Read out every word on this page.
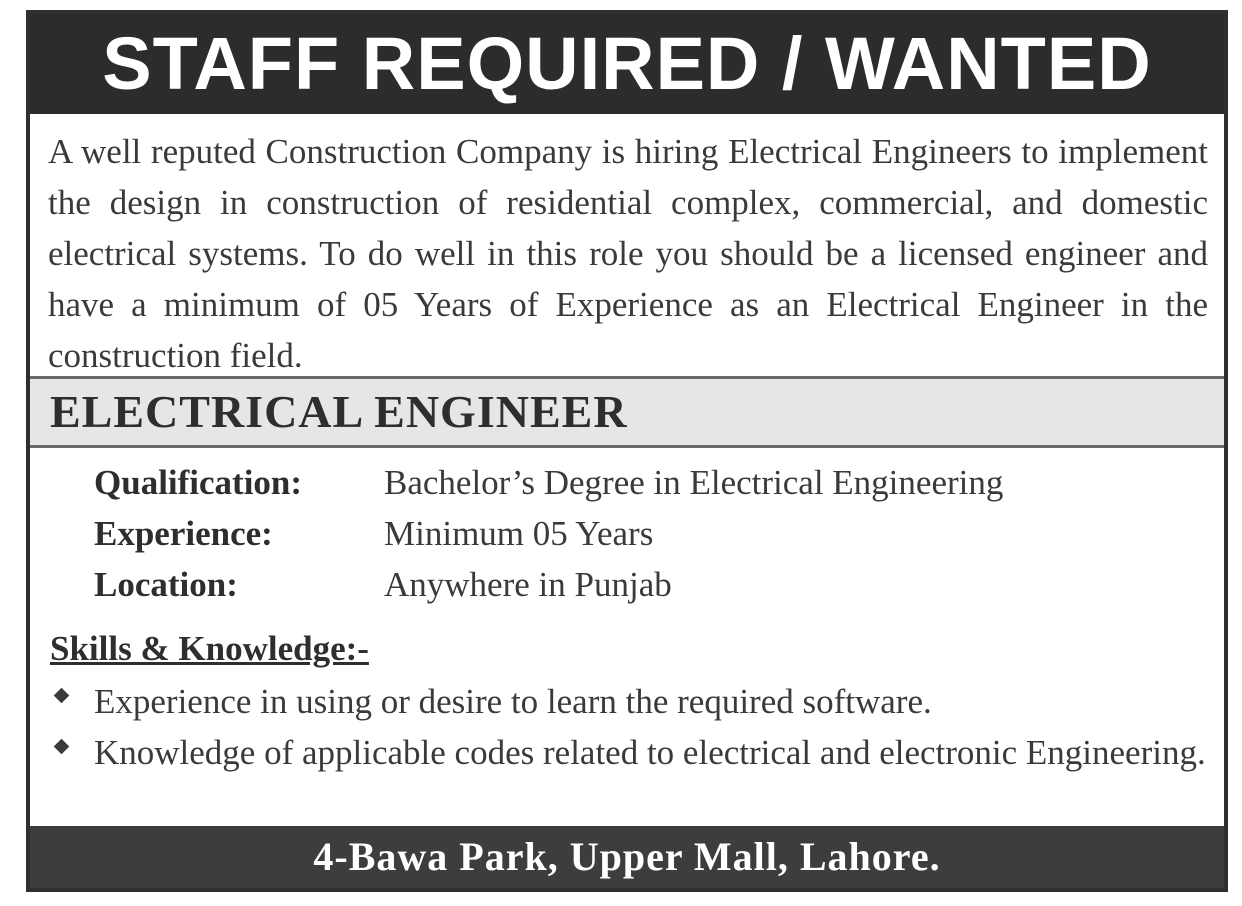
STAFF REQUIRED / WANTED

A well reputed Construction Company is hiring Electrical Engineers to implement the design in construction of residential complex, commercial, and domestic electrical systems. To do well in this role you should be a licensed engineer and have a minimum of 05 Years of Experience as an Electrical Engineer in the construction field.

ELECTRICAL ENGINEER
Qualification: Bachelor’s Degree in Electrical Engineering
Experience:	Minimum 05 Years
Location:	Anywhere in Punjab
Skills & Knowledge:-
Experience in using or desire to learn the required software.
Knowledge of applicable codes related to electrical and electronic Engineering.
4-Bawa Park, Upper Mall, Lahore.
